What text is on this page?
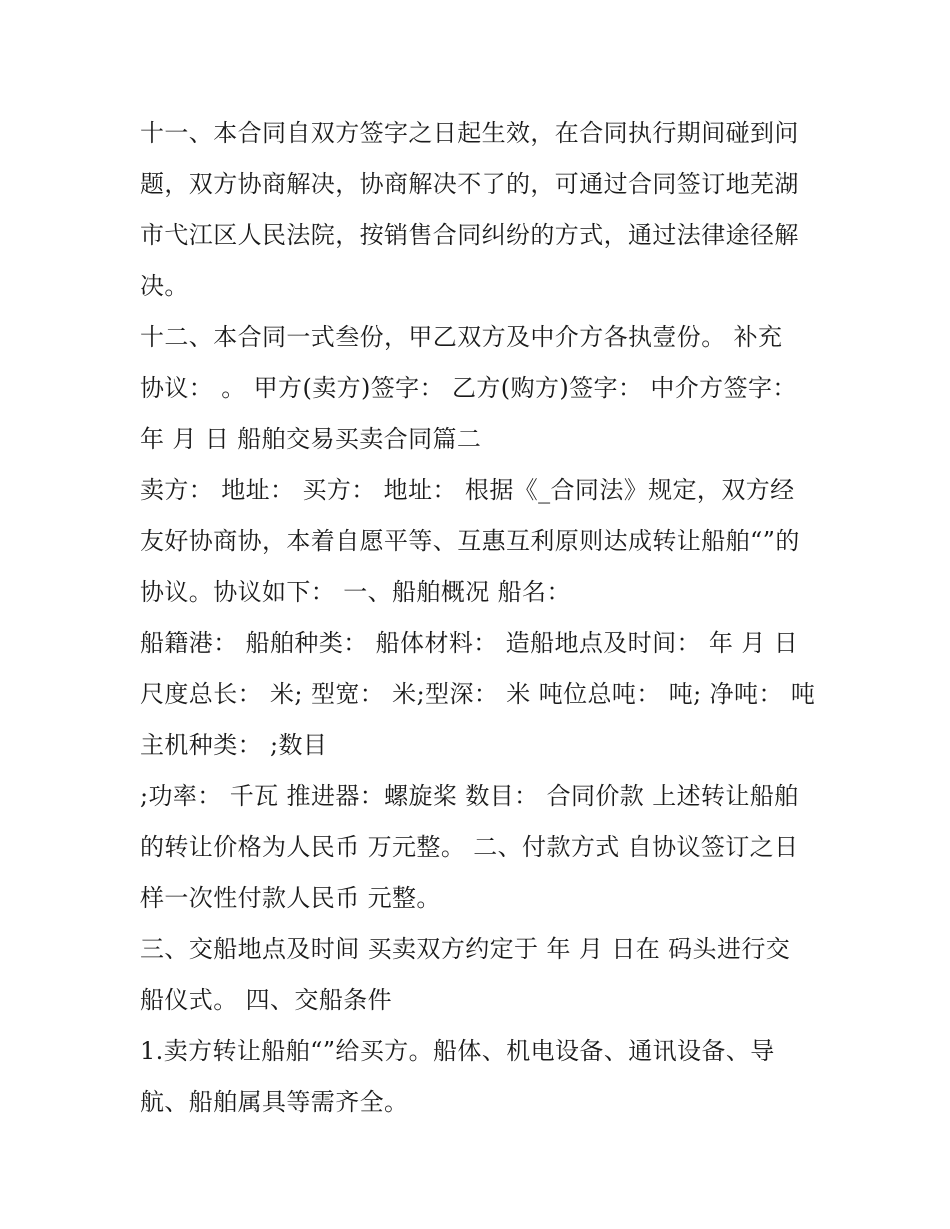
十一、本合同自双方签字之日起生效，在合同执行期间碰到问
题，双方协商解决，协商解决不了的，可通过合同签订地芜湖
市弋江区人民法院，按销售合同纠纷的方式，通过法律途径解
决。
十二、本合同一式叁份，甲乙双方及中介方各执壹份。 补充
协议： 。 甲方(卖方)签字： 乙方(购方)签字： 中介方签字：
年 月 日 船舶交易买卖合同篇二
卖方： 地址： 买方： 地址： 根据《_合同法》规定，双方经
友好协商协，本着自愿平等、互惠互利原则达成转让船舶“”的
协议。协议如下： 一、船舶概况 船名：
船籍港： 船舶种类： 船体材料： 造船地点及时间： 年 月 日
尺度总长： 米; 型宽： 米;型深： 米 吨位总吨： 吨; 净吨： 吨
主机种类： ;数目
;功率： 千瓦 推进器：螺旋桨 数目： 合同价款 上述转让船舶
的转让价格为人民币 万元整。 二、付款方式 自协议签订之日
样一次性付款人民币 元整。
三、交船地点及时间 买卖双方约定于 年 月 日在 码头进行交
船仪式。 四、交船条件
1.卖方转让船舶“”给买方。船体、机电设备、通讯设备、导
航、船舶属具等需齐全。
